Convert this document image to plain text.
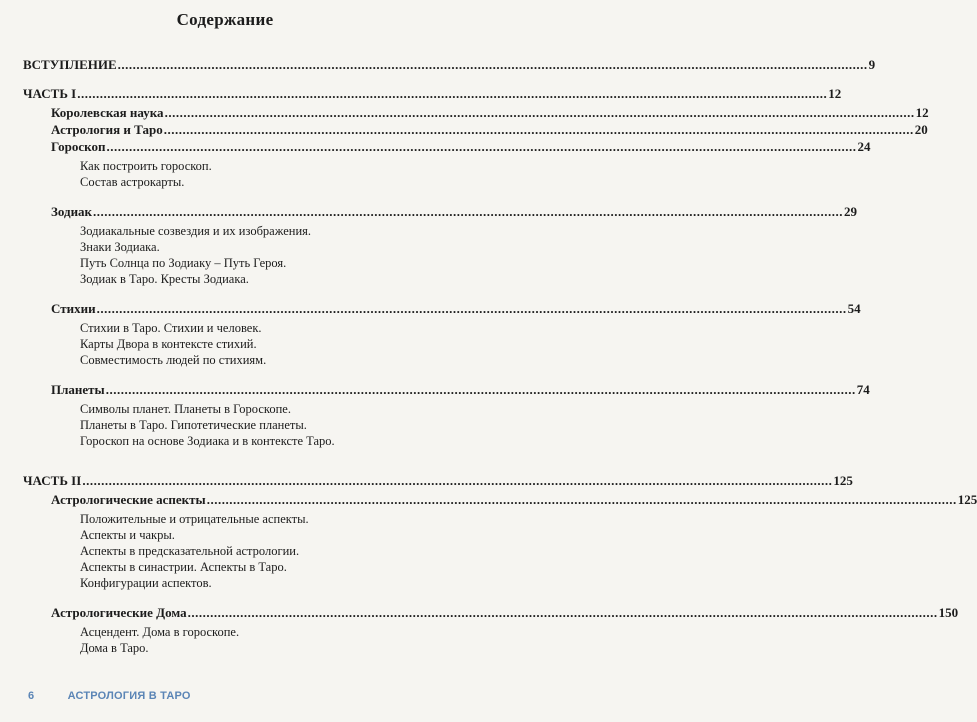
Содержание
ВСТУПЛЕНИЕ ........................................................................................................................................................................................................ 9
ЧАСТЬ I ........................................................................................................................................................................................................ 12
Королевская наука ........................................................................................................................................................................................................ 12
Астрология и Таро ........................................................................................................................................................................................................ 20
Гороскоп ........................................................................................................................................................................................................ 24
Как построить гороскоп.
Состав астрокарты.
Зодиак ........................................................................................................................................................................................................ 29
Зодиакальные созвездия и их изображения.
Знаки Зодиака.
Путь Солнца по Зодиаку – Путь Героя.
Зодиак в Таро. Кресты Зодиака.
Стихии ........................................................................................................................................................................................................ 54
Стихии в Таро. Стихии и человек.
Карты Двора в контексте стихий.
Совместимость людей по стихиям.
Планеты ........................................................................................................................................................................................................ 74
Символы планет. Планеты в Гороскопе.
Планеты в Таро. Гипотетические планеты.
Гороскоп на основе Зодиака и в контексте Таро.
ЧАСТЬ II ........................................................................................................................................................................................................ 125
Астрологические аспекты ........................................................................................................................................................................................................ 125
Положительные и отрицательные аспекты.
Аспекты и чакры.
Аспекты в предсказательной астрологии.
Аспекты в синастрии. Аспекты в Таро.
Конфигурации аспектов.
Астрологические Дома ........................................................................................................................................................................................................ 150
Асцендент. Дома в гороскопе.
Дома в Таро.
6	АСТРОЛОГИЯ В ТАРО
